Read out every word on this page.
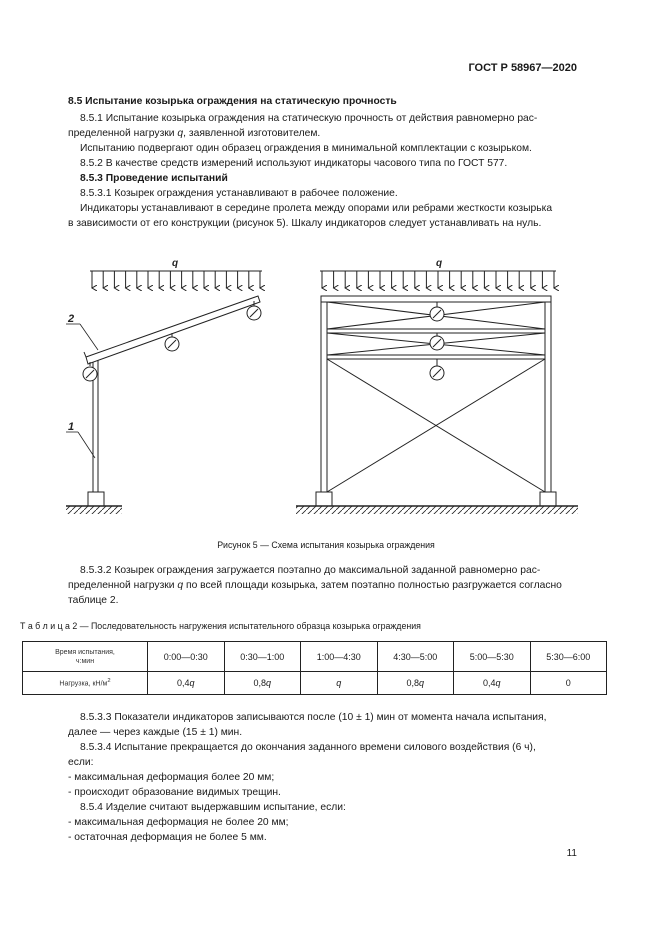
ГОСТ Р 58967—2020
8.5 Испытание козырька ограждения на статическую прочность
8.5.1 Испытание козырька ограждения на статическую прочность от действия равномерно рас-
пределенной нагрузки q, заявленной изготовителем.
Испытанию подвергают один образец ограждения в минимальной комплектации с козырьком.
8.5.2 В качестве средств измерений используют индикаторы часового типа по ГОСТ 577.
8.5.3 Проведение испытаний
8.5.3.1 Козырек ограждения устанавливают в рабочее положение.
Индикаторы устанавливают в середине пролета между опорами или ребрами жесткости козырька
в зависимости от его конструкции (рисунок 5). Шкалу индикаторов следует устанавливать на нуль.
q
2
1
q
Рисунок 5 — Схема испытания козырька ограждения
8.5.3.2 Козырек ограждения загружается поэтапно до максимальной заданной равномерно рас-
пределенной нагрузки q по всей площади козырька, затем поэтапно полностью разгружается согласно
таблице 2.
Т а б л и ц а 2 — Последовательность нагружения испытательного образца козырька ограждения
Время испытания,
ч:мин	0:00—0:30	0:30—1:00	1:00—4:30	4:30—5:00	5:00—5:30	5:30—6:00
Нагрузка, $кН/м^2$	0,4q	0,8q	q	0,8q	0,4q	0
8.5.3.3 Показатели индикаторов записываются после (10 ± 1) мин от момента начала испытания,
далее — через каждые (15 ± 1) мин.
8.5.3.4 Испытание прекращается до окончания заданного времени силового воздействия (6 ч),
если:
- максимальная деформация более 20 мм;
- происходит образование видимых трещин.
8.5.4 Изделие считают выдержавшим испытание, если:
- максимальная деформация не более 20 мм;
- остаточная деформация не более 5 мм.
11
